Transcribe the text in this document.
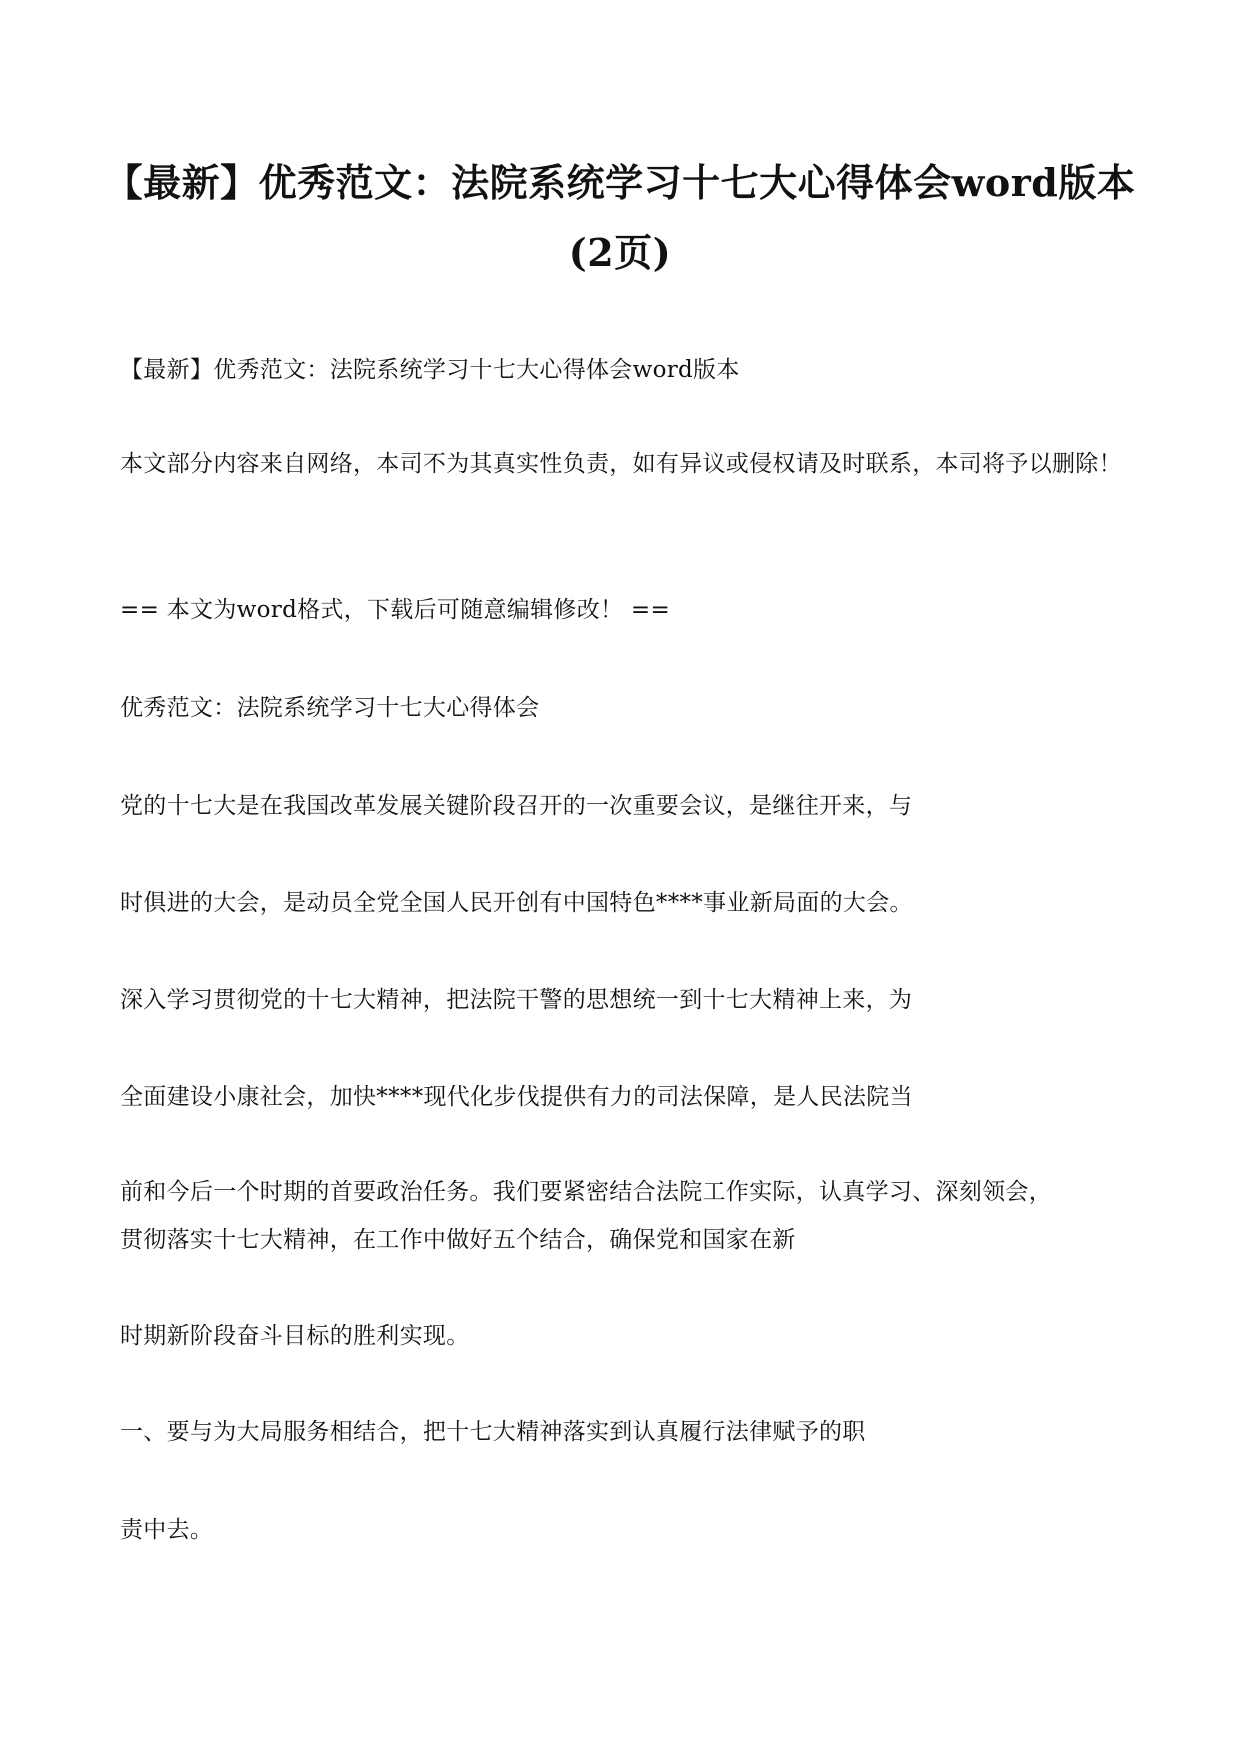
【最新】优秀范文：法院系统学习十七大心得体会word版本
(2页)
【最新】优秀范文：法院系统学习十七大心得体会word版本
本文部分内容来自网络，本司不为其真实性负责，如有异议或侵权请及时联系，本司将予以删除！
== 本文为word格式，下载后可随意编辑修改！ ==
优秀范文：法院系统学习十七大心得体会
党的十七大是在我国改革发展关键阶段召开的一次重要会议，是继往开来，与
时俱进的大会，是动员全党全国人民开创有中国特色****事业新局面的大会。
深入学习贯彻党的十七大精神，把法院干警的思想统一到十七大精神上来，为
全面建设小康社会，加快****现代化步伐提供有力的司法保障，是人民法院当
前和今后一个时期的首要政治任务。我们要紧密结合法院工作实际，认真学习、深刻领会，
贯彻落实十七大精神，在工作中做好五个结合，确保党和国家在新
时期新阶段奋斗目标的胜利实现。
一、要与为大局服务相结合，把十七大精神落实到认真履行法律赋予的职
责中去。
